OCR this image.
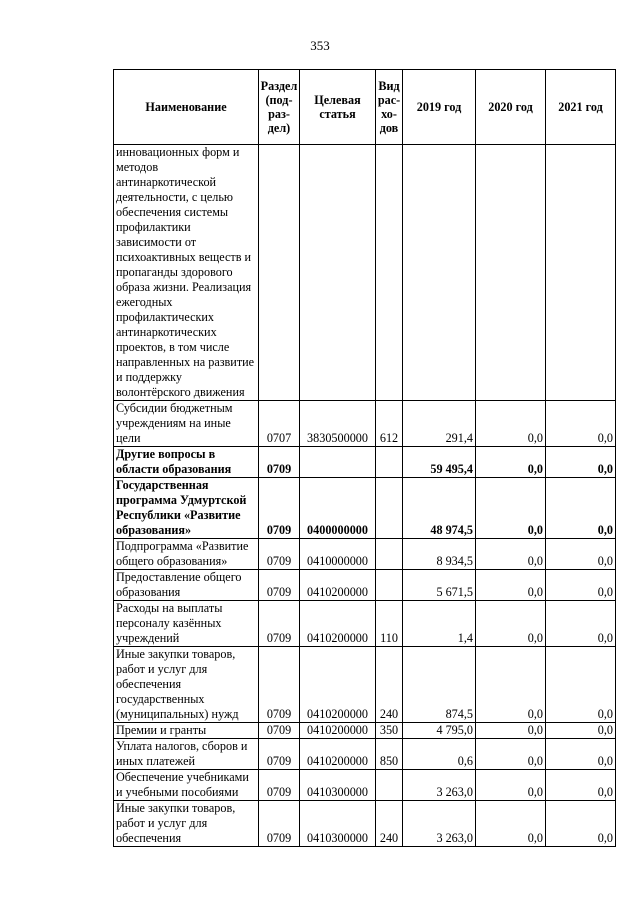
353
Наименование	Раздел (под-раз-дел)	Целевая статья	Вид рас-хо-дов	2019 год	2020 год	2021 год
инновационных форм и методов антинаркотической деятельности, с целью обеспечения системы профилактики зависимости от психоактивных веществ и пропаганды здорового образа жизни. Реализация ежегодных профилактических антинаркотических проектов, в том числе направленных на развитие и поддержку волонтёрского движения						
Субсидии бюджетным учреждениям на иные цели	0707	3830500000	612	291,4	0,0	0,0
Другие вопросы в области образования	0709			59 495,4	0,0	0,0
Государственная программа Удмуртской Республики «Развитие образования»	0709	0400000000		48 974,5	0,0	0,0
Подпрограмма «Развитие общего образования»	0709	0410000000		8 934,5	0,0	0,0
Предоставление общего образования	0709	0410200000		5 671,5	0,0	0,0
Расходы на выплаты персоналу казённых учреждений	0709	0410200000	110	1,4	0,0	0,0
Иные закупки товаров, работ и услуг для обеспечения государственных (муниципальных) нужд	0709	0410200000	240	874,5	0,0	0,0
Премии и гранты	0709	0410200000	350	4 795,0	0,0	0,0
Уплата налогов, сборов и иных платежей	0709	0410200000	850	0,6	0,0	0,0
Обеспечение учебниками и учебными пособиями	0709	0410300000		3 263,0	0,0	0,0
Иные закупки товаров, работ и услуг для обеспечения	0709	0410300000	240	3 263,0	0,0	0,0
